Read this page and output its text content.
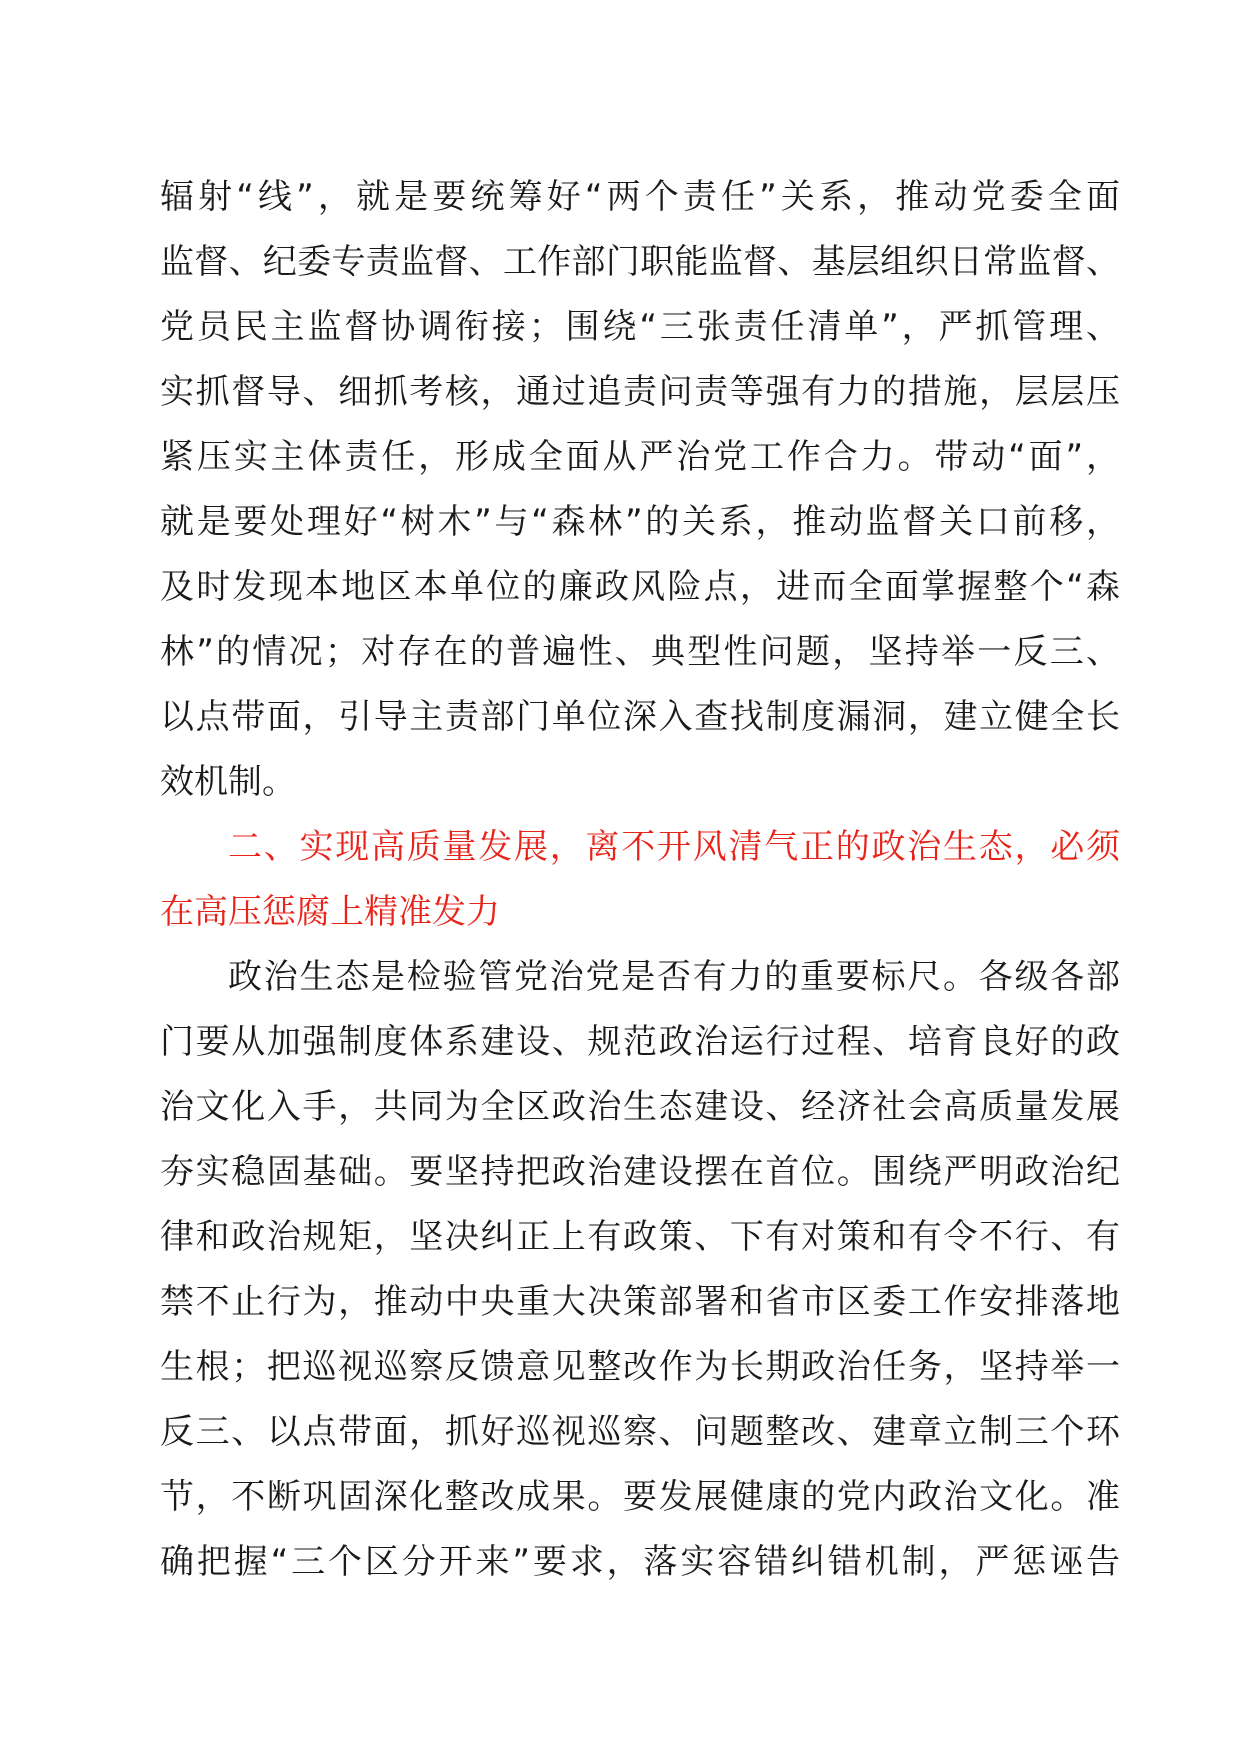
辐射“线”，就是要统筹好“两个责任”关系，推动党委全面
监督、纪委专责监督、工作部门职能监督、基层组织日常监督、
党员民主监督协调衔接；围绕“三张责任清单”，严抓管理、
实抓督导、细抓考核，通过追责问责等强有力的措施，层层压
紧压实主体责任，形成全面从严治党工作合力。带动“面”，
就是要处理好“树木”与“森林”的关系，推动监督关口前移，
及时发现本地区本单位的廉政风险点，进而全面掌握整个“森
林”的情况；对存在的普遍性、典型性问题，坚持举一反三、
以点带面，引导主责部门单位深入查找制度漏洞，建立健全长
效机制。
二、实现高质量发展，离不开风清气正的政治生态，必须
在高压惩腐上精准发力
政治生态是检验管党治党是否有力的重要标尺。各级各部
门要从加强制度体系建设、规范政治运行过程、培育良好的政
治文化入手，共同为全区政治生态建设、经济社会高质量发展
夯实稳固基础。要坚持把政治建设摆在首位。围绕严明政治纪
律和政治规矩，坚决纠正上有政策、下有对策和有令不行、有
禁不止行为，推动中央重大决策部署和省市区委工作安排落地
生根；把巡视巡察反馈意见整改作为长期政治任务，坚持举一
反三、以点带面，抓好巡视巡察、问题整改、建章立制三个环
节，不断巩固深化整改成果。要发展健康的党内政治文化。准
确把握“三个区分开来”要求，落实容错纠错机制，严惩诬告
